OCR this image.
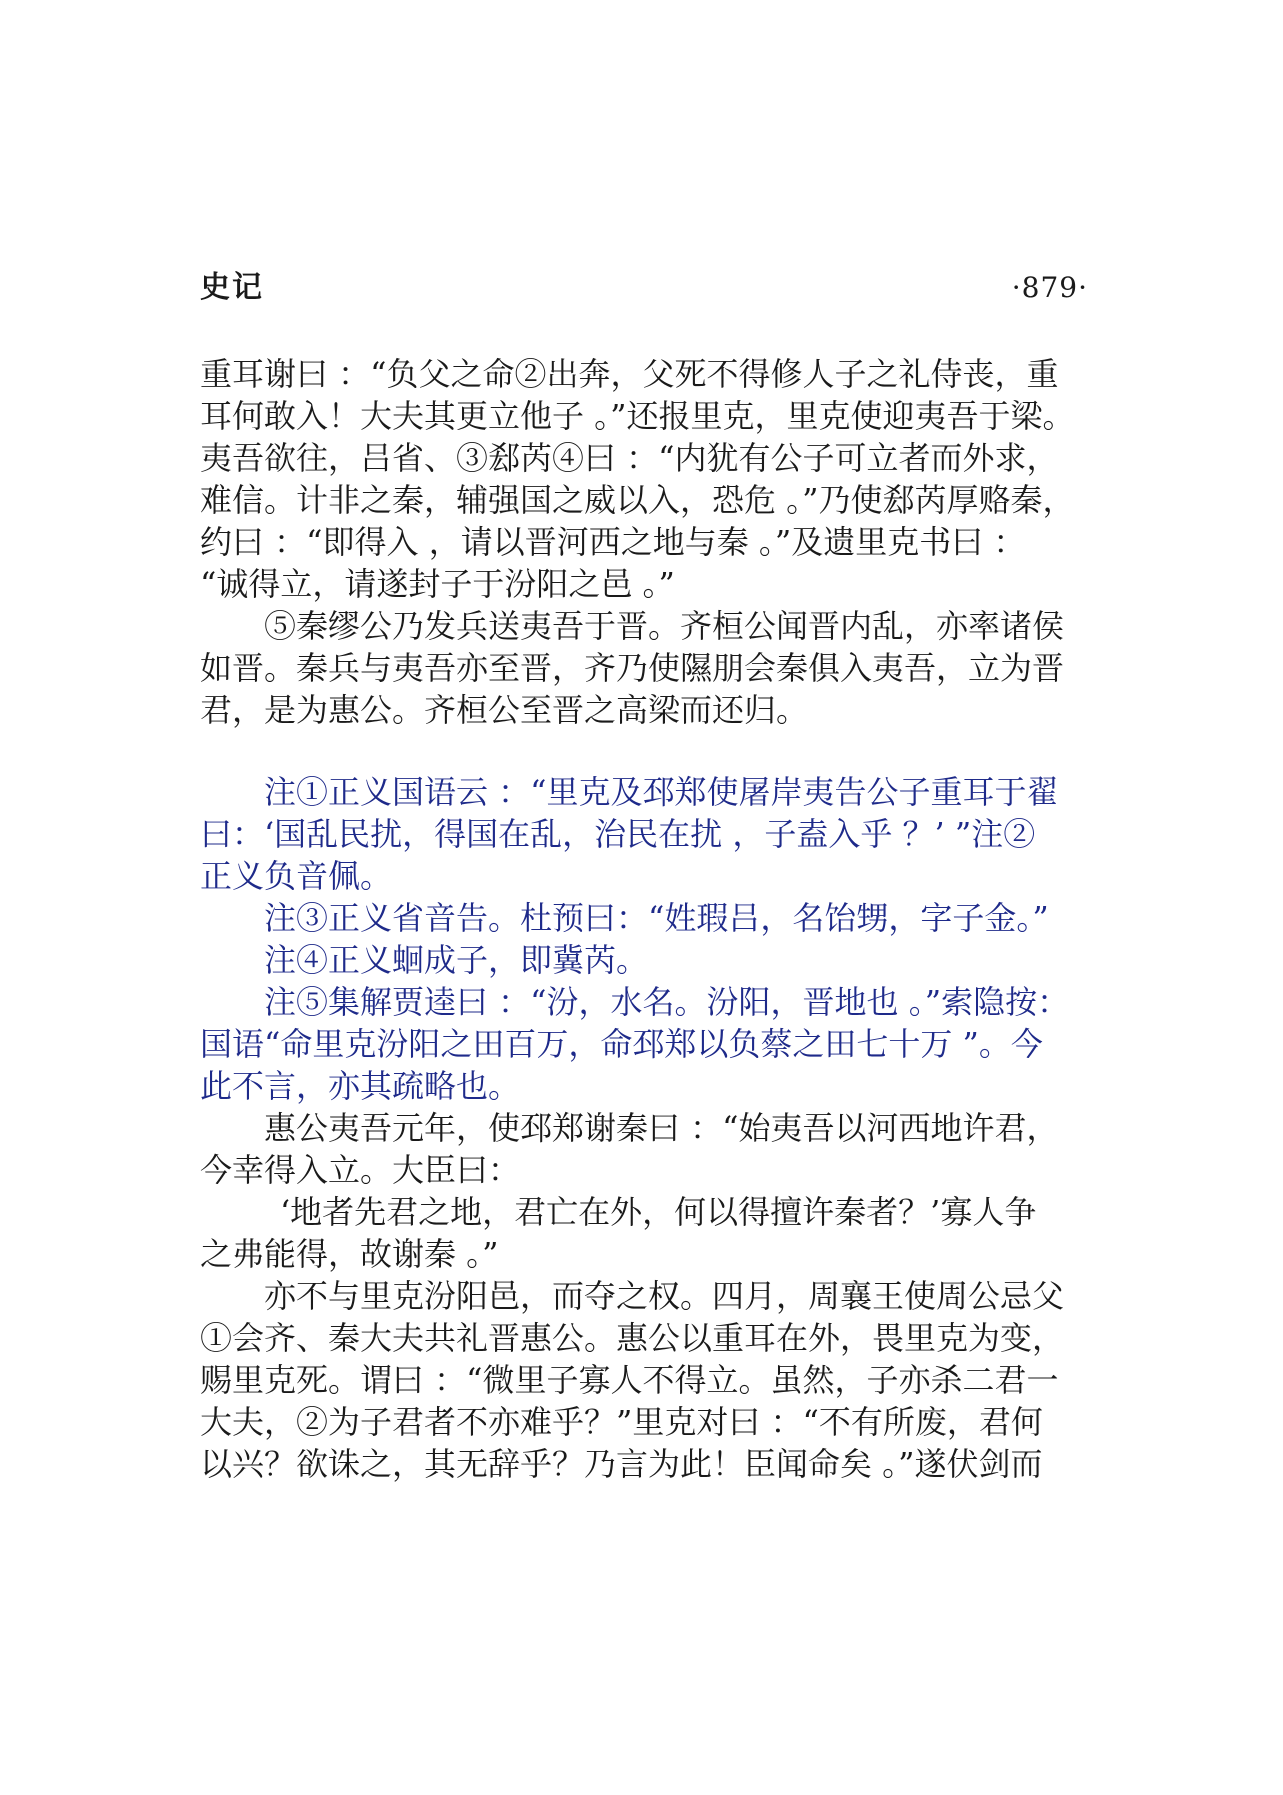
史记	·879·
重耳谢曰 ：“负父之命②出奔，父死不得修人子之礼侍丧，重
耳何敢入！大夫其更立他子 。”还报里克，里克使迎夷吾于梁。
夷吾欲往，吕省、③郄芮④曰 ：“内犹有公子可立者而外求，
难信。计非之秦，辅强国之威以入，恐危 。”乃使郄芮厚赂秦，
约曰 ：“即得入 ，请以晋河西之地与秦 。”及遗里克书曰 ：
“诚得立，请遂封子于汾阳之邑 。”
⑤秦缪公乃发兵送夷吾于晋。齐桓公闻晋内乱，亦率诸侯
如晋。秦兵与夷吾亦至晋，齐乃使隰朋会秦俱入夷吾，立为晋
君，是为惠公。齐桓公至晋之高梁而还归。
注①正义国语云 ：“里克及邳郑使屠岸夷告公子重耳于翟
曰：‘国乱民扰，得国在乱，治民在扰 ，子盍入乎 ？’ ”注②
正义负音佩。
注③正义省音告。杜预曰：“姓瑕吕，名饴甥，字子金。”
注④正义蛔成子，即冀芮。
注⑤集解贾逵曰 ：“汾，水名。汾阳，晋地也 。”索隐按：
国语“命里克汾阳之田百万，命邳郑以负蔡之田七十万 ”。今
此不言，亦其疏略也。
惠公夷吾元年，使邳郑谢秦曰 ：“始夷吾以河西地许君，
今幸得入立。大臣曰：
‘地者先君之地，君亡在外，何以得擅许秦者？’寡人争
之弗能得，故谢秦 。”
亦不与里克汾阳邑，而夺之权。四月，周襄王使周公忌父
①会齐、秦大夫共礼晋惠公。惠公以重耳在外，畏里克为变，
赐里克死。谓曰 ：“微里子寡人不得立。虽然，子亦杀二君一
大夫，②为子君者不亦难乎？”里克对曰 ：“不有所废，君何
以兴？欲诛之，其无辞乎？乃言为此！臣闻命矣 。”遂伏剑而
